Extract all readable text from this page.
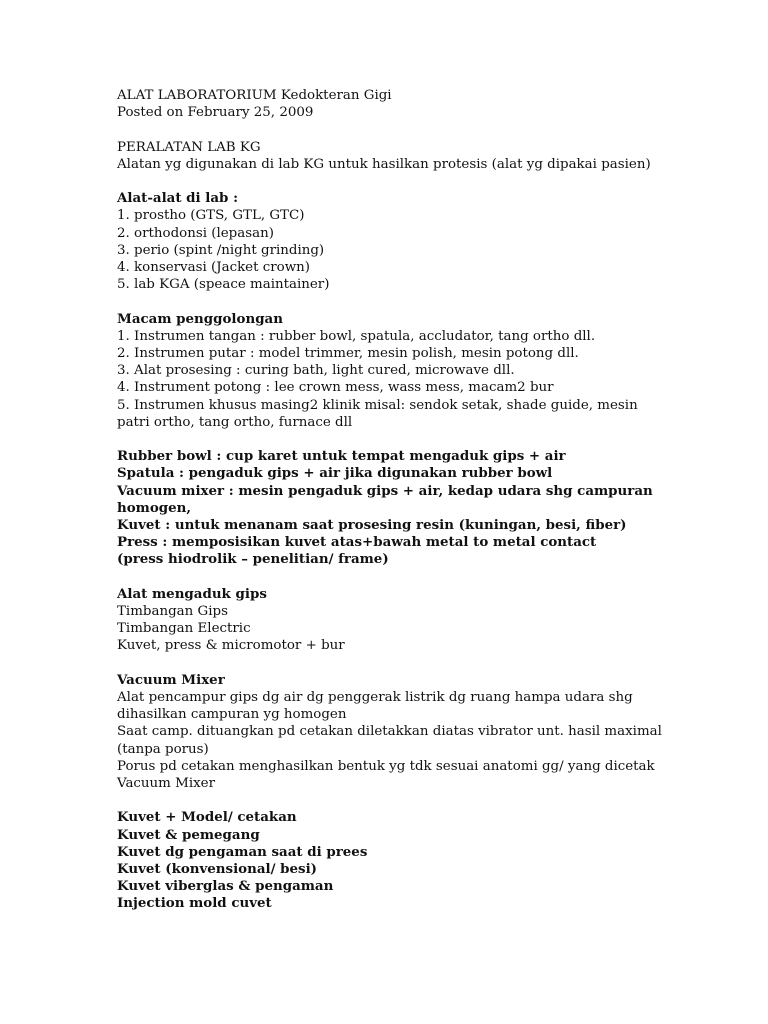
ALAT LABORATORIUM Kedokteran Gigi
Posted on February 25, 2009
PERALATAN LAB KG
Alatan yg digunakan di lab KG untuk hasilkan protesis (alat yg dipakai pasien)
Alat-alat di lab :
1. prostho (GTS, GTL, GTC)
2. orthodonsi (lepasan)
3. perio (spint /night grinding)
4. konservasi (Jacket crown)
5. lab KGA (speace maintainer)
Macam penggolongan
1. Instrumen tangan : rubber bowl, spatula, accludator, tang ortho dll.
2. Instrumen putar : model trimmer, mesin polish, mesin potong dll.
3. Alat prosesing : curing bath, light cured, microwave dll.
4. Instrument potong : lee crown mess, wass mess, macam2 bur
5. Instrumen khusus masing2 klinik misal: sendok setak, shade guide, mesin
patri ortho, tang ortho, furnace dll
Rubber bowl : cup karet untuk tempat mengaduk gips + air
Spatula : pengaduk gips + air jika digunakan rubber bowl
Vacuum mixer : mesin pengaduk gips + air, kedap udara shg campuran
homogen,
Kuvet : untuk menanam saat prosesing resin (kuningan, besi, fiber)
Press : memposisikan kuvet atas+bawah metal to metal contact
(press hiodrolik – penelitian/ frame)
Alat mengaduk gips
Timbangan Gips
Timbangan Electric
Kuvet, press & micromotor + bur
Vacuum Mixer
Alat pencampur gips dg air dg penggerak listrik dg ruang hampa udara shg
dihasilkan campuran yg homogen
Saat camp. dituangkan pd cetakan diletakkan diatas vibrator unt. hasil maximal
(tanpa porus)
Porus pd cetakan menghasilkan bentuk yg tdk sesuai anatomi gg/ yang dicetak
Vacuum Mixer
Kuvet + Model/ cetakan
Kuvet & pemegang
Kuvet dg pengaman saat di prees
Kuvet (konvensional/ besi)
Kuvet viberglas & pengaman
Injection mold cuvet
